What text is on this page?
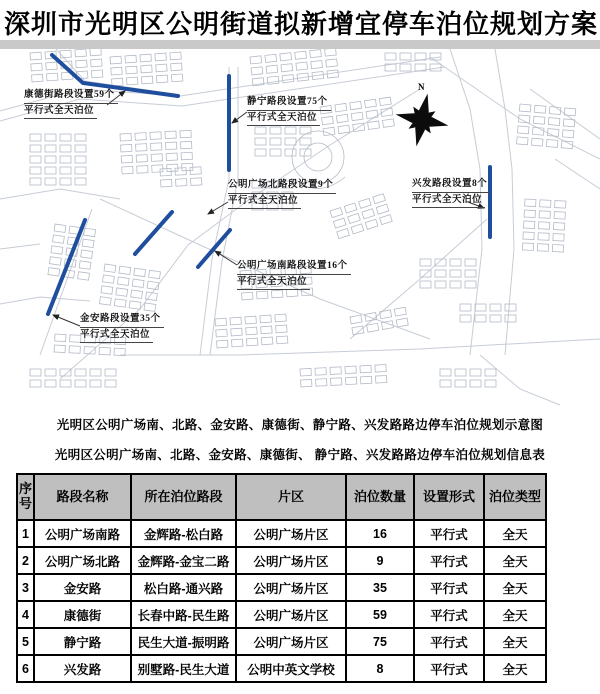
深圳市光明区公明街道拟新增宜停车泊位规划方案
N
康德街路段设置59个
平行式全天泊位
静宁路段设置75个
平行式全天泊位
公明广场北路段设置9个
平行式全天泊位
公明广场南路段设置16个
平行式全天泊位
金安路段设置35个
平行式全天泊位
兴发路段设置8个
平行式全天泊位
光明区公明广场南、北路、金安路、康德街、静宁路、兴发路路边停车泊位规划示意图
光明区公明广场南、北路、金安路、康德街、 静宁路、兴发路路边停车泊位规划信息表
序号	路段名称	所在泊位路段	片区	泊位数量	设置形式	泊位类型
1	公明广场南路	金辉路-松白路	公明广场片区	16	平行式	全天
2	公明广场北路	金辉路-金宝二路	公明广场片区	9	平行式	全天
3	金安路	松白路-通兴路	公明广场片区	35	平行式	全天
4	康德街	长春中路-民生路	公明广场片区	59	平行式	全天
5	静宁路	民生大道-振明路	公明广场片区	75	平行式	全天
6	兴发路	别墅路-民生大道	公明中英文学校	8	平行式	全天
